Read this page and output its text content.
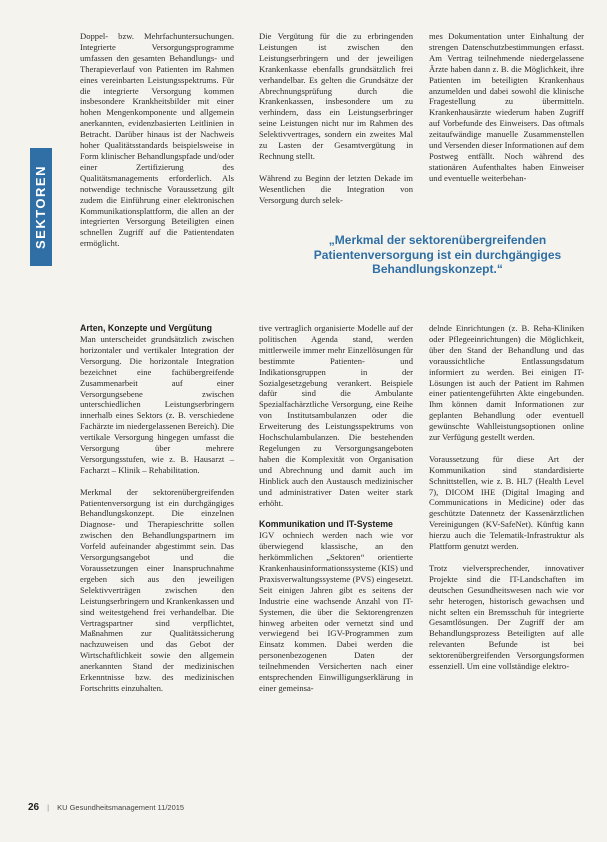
SEKTOREN

Doppel- bzw. Mehrfachuntersuchungen. Integrierte Versorgungsprogramme umfassen den gesamten Behandlungs- und Therapieverlauf von Patienten im Rahmen eines vereinbarten Leistungsspektrums. Für die integrierte Versorgung kommen insbesondere Krankheitsbilder mit einer hohen Mengenkomponente und allgemein anerkannten, evidenzbasierten Leitlinien in Betracht. Darüber hinaus ist der Nachweis hoher Qualitätsstandards beispielsweise in Form klinischer Behandlungspfade und/oder einer Zertifizierung des Qualitätsmanagements erforderlich. Als notwendige technische Voraussetzung gilt zudem die Einführung einer elektronischen Kommunikationsplattform, die allen an der integrierten Versorgung Beteiligten einen schnellen Zugriff auf die Patientendaten ermöglicht.

Die Vergütung für die zu erbringenden Leistungen ist zwischen den Leistungserbringern und der jeweiligen Krankenkasse ebenfalls grundsätzlich frei verhandelbar. Es gelten die Grundsätze der Abrechnungsprüfung durch die Krankenkassen, insbesondere um zu verhindern, dass ein Leistungserbringer seine Leistungen nicht nur im Rahmen des Selektivvertrages, sondern ein zweites Mal zu Lasten der Gesamtvergütung in Rechnung stellt.

Während zu Beginn der letzten Dekade im Wesentlichen die Integration von Versorgung durch selek-

mes Dokumentation unter Einhaltung der strengen Datenschutzbestimmungen erfasst. Am Vertrag teilnehmende niedergelassene Ärzte haben dann z. B. die Möglichkeit, ihre Patienten im beteiligten Krankenhaus anzumelden und dabei sowohl die klinische Fragestellung zu übermitteln. Krankenhausärzte wiederum haben Zugriff auf Vorbefunde des Einweisers. Das oftmals zeitaufwändige manuelle Zusammenstellen und Versenden dieser Informationen auf dem Postweg entfällt. Noch während des stationären Aufenthaltes haben Einweiser und eventuelle weiterbehan-

„Merkmal der sektorenübergreifenden Patientenversorgung ist ein durchgängiges Behandlungskonzept.“
Arten, Konzepte und Vergütung

Man unterscheidet grundsätzlich zwischen horizontaler und vertikaler Integration der Versorgung. Die horizontale Integration bezeichnet eine fachübergreifende Zusammenarbeit auf einer Versorgungsebene zwischen unterschiedlichen Leistungserbringern innerhalb eines Sektors (z. B. verschiedene Fachärzte im niedergelassenen Bereich). Die vertikale Versorgung hingegen umfasst die Versorgung über mehrere Versorgungsstufen, wie z. B. Hausarzt – Facharzt – Klinik – Rehabilitation.

Merkmal der sektorenübergreifenden Patientenversorgung ist ein durchgängiges Behandlungskonzept. Die einzelnen Diagnose- und Therapieschritte sollen zwischen den Behandlungspartnern im Vorfeld aufeinander abgestimmt sein. Das Versorgungsangebot und die Voraussetzungen einer Inanspruchnahme ergeben sich aus den jeweiligen Selektivverträgen zwischen den Leistungserbringern und Krankenkassen und sind weitestgehend frei verhandelbar. Die Vertragspartner sind verpflichtet, Maßnahmen zur Qualitätssicherung nachzuweisen und das Gebot der Wirtschaftlichkeit sowie den allgemein anerkannten Stand der medizinischen Erkenntnisse bzw. des medizinischen Fortschritts einzuhalten.

tive vertraglich organisierte Modelle auf der politischen Agenda stand, werden mittlerweile immer mehr Einzellösungen für bestimmte Patienten- und Indikationsgruppen in der Sozialgesetzgebung verankert. Beispiele dafür sind die Ambulante Spezialfachärztliche Versorgung, eine Reihe von Institutsambulanzen oder die Erweiterung des Leistungsspektrums von Hochschulambulanzen. Die bestehenden Regelungen zu Versorgungsangeboten haben die Komplexität von Organisation und Abrechnung und damit auch im Hinblick auch den Austausch medizinischer und administrativer Daten weiter stark erhöht.

Kommunikation und IT-Systeme

IGV ochniech werden nach wie vor überwiegend klassische, an den herkömmlichen „Sektoren“ orientierte Krankenhausinformationssysteme (KIS) und Praxisverwaltungssysteme (PVS) eingesetzt. Seit einigen Jahren gibt es seitens der Industrie eine wachsende Anzahl von IT-Systemen, die über die Sektorengrenzen hinweg arbeiten oder vernetzt sind und verwiegend bei IGV-Programmen zum Einsatz kommen. Dabei werden die personenbezogenen Daten der teilnehmenden Versicherten nach einer entsprechenden Einwilligungserklärung in einer gemeinsa-

delnde Einrichtungen (z. B. Reha-Kliniken oder Pflegeeinrichtungen) die Möglichkeit, über den Stand der Behandlung und das voraussichtliche Entlassungsdatum informiert zu werden. Bei einigen IT-Lösungen ist auch der Patient im Rahmen einer patientengeführten Akte eingebunden. Ihm können damit Informationen zur geplanten Behandlung oder eventuell gewünschte Wahlleistungsoptionen online zur Verfügung gestellt werden.

Voraussetzung für diese Art der Kommunikation sind standardisierte Schnittstellen, wie z. B. HL7 (Health Level 7), DICOM IHE (Digital Imaging and Communications in Medicine) oder das geschützte Datennetz der Kassenärztlichen Vereinigungen (KV-SafeNet). Künftig kann hierzu auch die Telematik-Infrastruktur als Plattform genutzt werden.

Trotz vielversprechender, innovativer Projekte sind die IT-Landschaften im deutschen Gesundheitswesen nach wie vor sehr heterogen, historisch gewachsen und nicht selten ein Bremsschuh für integrierte Gesamtlösungen. Der Zugriff der am Behandlungsprozess Beteiligten auf alle relevanten Befunde ist bei sektorenübergreifenden Versorgungsformen essenziell. Um eine vollständige elektro-

26 | KU Gesundheitsmanagement 11/2015
